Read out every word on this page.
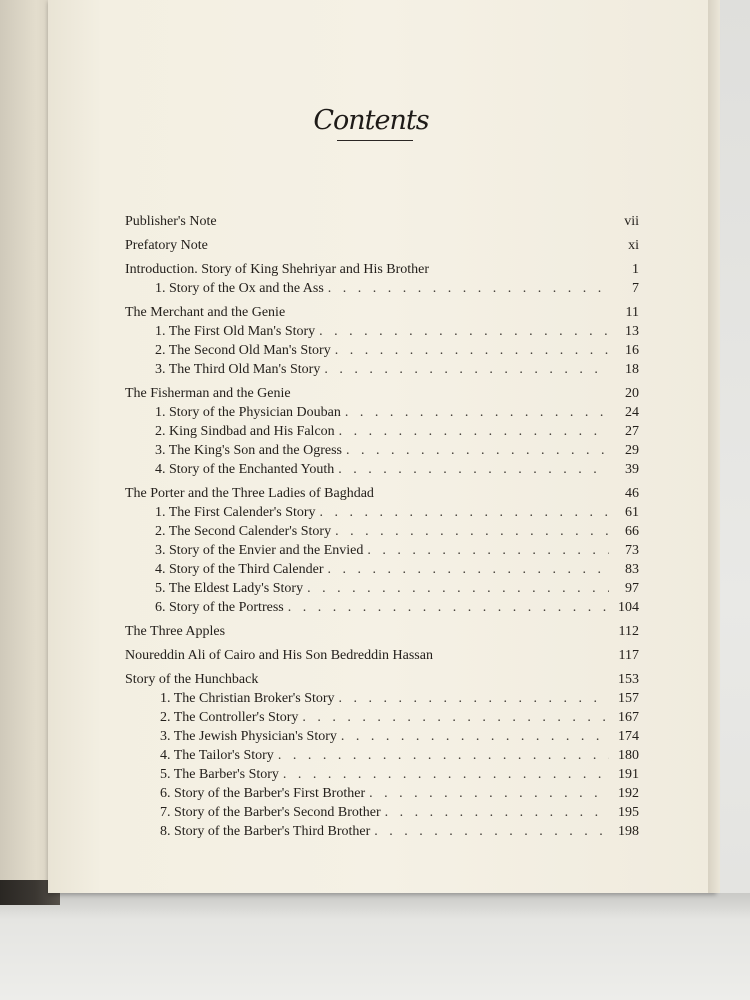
Contents
Publisher's Note	vii
Prefatory Note	xi
Introduction. Story of King Shehriyar and His Brother	1
1. Story of the Ox and the Ass . . .	7
The Merchant and the Genie	11
1. The First Old Man's Story . . .	13
2. The Second Old Man's Story . . .	16
3. The Third Old Man's Story . . .	18
The Fisherman and the Genie	20
1. Story of the Physician Douban . . .	24
2. King Sindbad and His Falcon . . .	27
3. The King's Son and the Ogress . . .	29
4. Story of the Enchanted Youth . . .	39
The Porter and the Three Ladies of Baghdad	46
1. The First Calender's Story . . .	61
2. The Second Calender's Story . . .	66
3. Story of the Envier and the Envied . . .	73
4. Story of the Third Calender . . .	83
5. The Eldest Lady's Story . . .	97
6. Story of the Portress . . .	104
The Three Apples	112
Noureddin Ali of Cairo and His Son Bedreddin Hassan	117
Story of the Hunchback	153
1. The Christian Broker's Story . . .	157
2. The Controller's Story . . .	167
3. The Jewish Physician's Story . . .	174
4. The Tailor's Story . . .	180
5. The Barber's Story . . .	191
6. Story of the Barber's First Brother . . .	192
7. Story of the Barber's Second Brother . . .	195
8. Story of the Barber's Third Brother . . .	198
